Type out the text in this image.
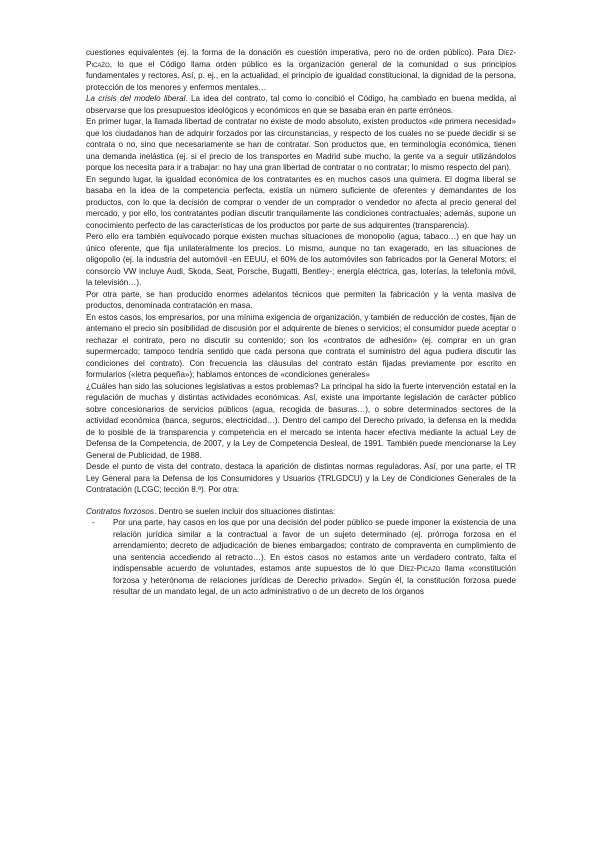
cuestiones equivalentes (ej. la forma de la donación es cuestión imperativa, pero no de orden público). Para Díez-Picazo, lo que el Código llama orden público es la organización general de la comunidad o sus principios fundamentales y rectores. Así, p. ej., en la actualidad, el principio de igualdad constitucional, la dignidad de la persona, protección de los menores y enfermos mentales…

La crisis del modelo liberal. La idea del contrato, tal como lo concibió el Código, ha cambiado en buena medida, al observarse que los presupuestos ideológicos y económicos en que se basaba eran en parte erróneos.

En primer lugar, la llamada libertad de contratar no existe de modo absoluto, existen productos «de primera necesidad» que los ciudadanos han de adquirir forzados por las circunstancias, y respecto de los cuales no se puede decidir si se contrata o no, sino que necesariamente se han de contratar. Son productos que, en terminología económica, tienen una demanda inelástica (ej. si el precio de los transportes en Madrid sube mucho, la gente va a seguir utilizándolos porque los necesita para ir a trabajar: no hay una gran libertad de contratar o no contratar; lo mismo respecto del pan).

En segundo lugar, la igualdad económica de los contratantes es en muchos casos una quimera. El dogma liberal se basaba en la idea de la competencia perfecta, existía un número suficiente de oferentes y demandantes de los productos, con lo que la decisión de comprar o vender de un comprador o vendedor no afecta al precio general del mercado, y por ello, los contratantes podían discutir tranquilamente las condiciones contractuales; además, supone un conocimiento perfecto de las características de los productos por parte de sus adquirentes (transparencia).

Pero ello era también equivocado porque existen muchas situaciones de monopolio (agua, tabaco…) en que hay un único oferente, que fija unilateralmente los precios. Lo mismo, aunque no tan exagerado, en las situaciones de oligopolio (ej. la industria del automóvil -en EEUU, el 60% de los automóviles son fabricados por la General Motors; el consorcio VW incluye Audi, Skoda, Seat, Porsche, Bugatti, Bentley-; energía eléctrica, gas, loterías, la telefonía móvil, la televisión…).

Por otra parte, se han producido enormes adelantos técnicos que permiten la fabricación y la venta masiva de productos, denominada contratación en masa.

En estos casos, los empresarios, por una mínima exigencia de organización, y también de reducción de costes, fijan de antemano el precio sin posibilidad de discusión por el adquirente de bienes o servicios; el consumidor puede aceptar o rechazar el contrato, pero no discutir su contenido; son los «contratos de adhesión» (ej. comprar en un gran supermercado; tampoco tendría sentido que cada persona que contrata el suministro del agua pudiera discutir las condiciones del contrato). Con frecuencia las cláusulas del contrato están fijadas previamente por escrito en formularios («letra pequeña»); hablamos entonces de «condiciones generales»

¿Cuáles han sido las soluciones legislativas a estos problemas? La principal ha sido la fuerte intervención estatal en la regulación de muchas y distintas actividades económicas. Así, existe una importante legislación de carácter público sobre concesionarios de servicios públicos (agua, recogida de basuras…), o sobre determinados sectores de la actividad económica (banca, seguros, electricidad…). Dentro del campo del Derecho privado, la defensa en la medida de lo posible de la transparencia y competencia en el mercado se intenta hacer efectiva mediante la actual Ley de Defensa de la Competencia, de 2007, y la Ley de Competencia Desleal, de 1991. También puede mencionarse la Ley General de Publicidad, de 1988.

Desde el punto de vista del contrato, destaca la aparición de distintas normas reguladoras. Así, por una parte, el TR Ley General para la Defensa de los Consumidores y Usuarios (TRLGDCU) y la Ley de Condiciones Generales de la Contratación (LCGC; lección 8.ª). Por otra:

Contratos forzosos. Dentro se suelen incluir dos situaciones distintas:

- Por una parte, hay casos en los que por una decisión del poder público se puede imponer la existencia de una relación jurídica similar a la contractual a favor de un sujeto determinado (ej. prórroga forzosa en el arrendamiento; decreto de adjudicación de bienes embargados; contrato de compraventa en cumplimiento de una sentencia accediendo al retracto…). En estos casos no estamos ante un verdadero contrato, falta el indispensable acuerdo de voluntades, estamos ante supuestos de lo que Díez-Picazo llama «constitución forzosa y heterónoma de relaciones jurídicas de Derecho privado». Según él, la constitución forzosa puede resultar de un mandato legal, de un acto administrativo o de un decreto de los órganos
